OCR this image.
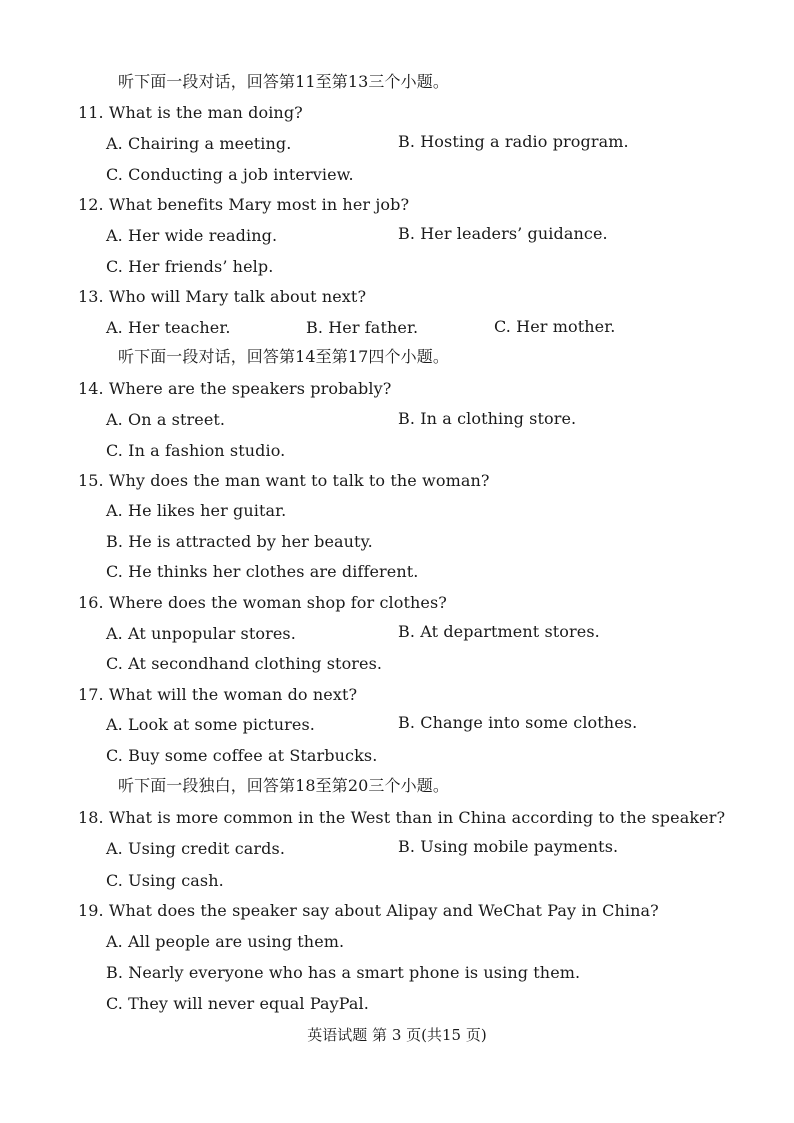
听下面一段对话，回答第11至第13三个小题。
11. What is the man doing?
A. Chairing a meeting.	B. Hosting a radio program.
C. Conducting a job interview.
12. What benefits Mary most in her job?
A. Her wide reading.	B. Her leaders’ guidance.
C. Her friends’ help.
13. Who will Mary talk about next?
A. Her teacher.	B. Her father.	C. Her mother.
听下面一段对话，回答第14至第17四个小题。
14. Where are the speakers probably?
A. On a street.	B. In a clothing store.
C. In a fashion studio.
15. Why does the man want to talk to the woman?
A. He likes her guitar.
B. He is attracted by her beauty.
C. He thinks her clothes are different.
16. Where does the woman shop for clothes?
A. At unpopular stores.	B. At department stores.
C. At secondhand clothing stores.
17. What will the woman do next?
A. Look at some pictures.	B. Change into some clothes.
C. Buy some coffee at Starbucks.
听下面一段独白，回答第18至第20三个小题。
18. What is more common in the West than in China according to the speaker?
A. Using credit cards.	B. Using mobile payments.
C. Using cash.
19. What does the speaker say about Alipay and WeChat Pay in China?
A. All people are using them.
B. Nearly everyone who has a smart phone is using them.
C. They will never equal PayPal.
英语试题 第 3 页(共15 页)
